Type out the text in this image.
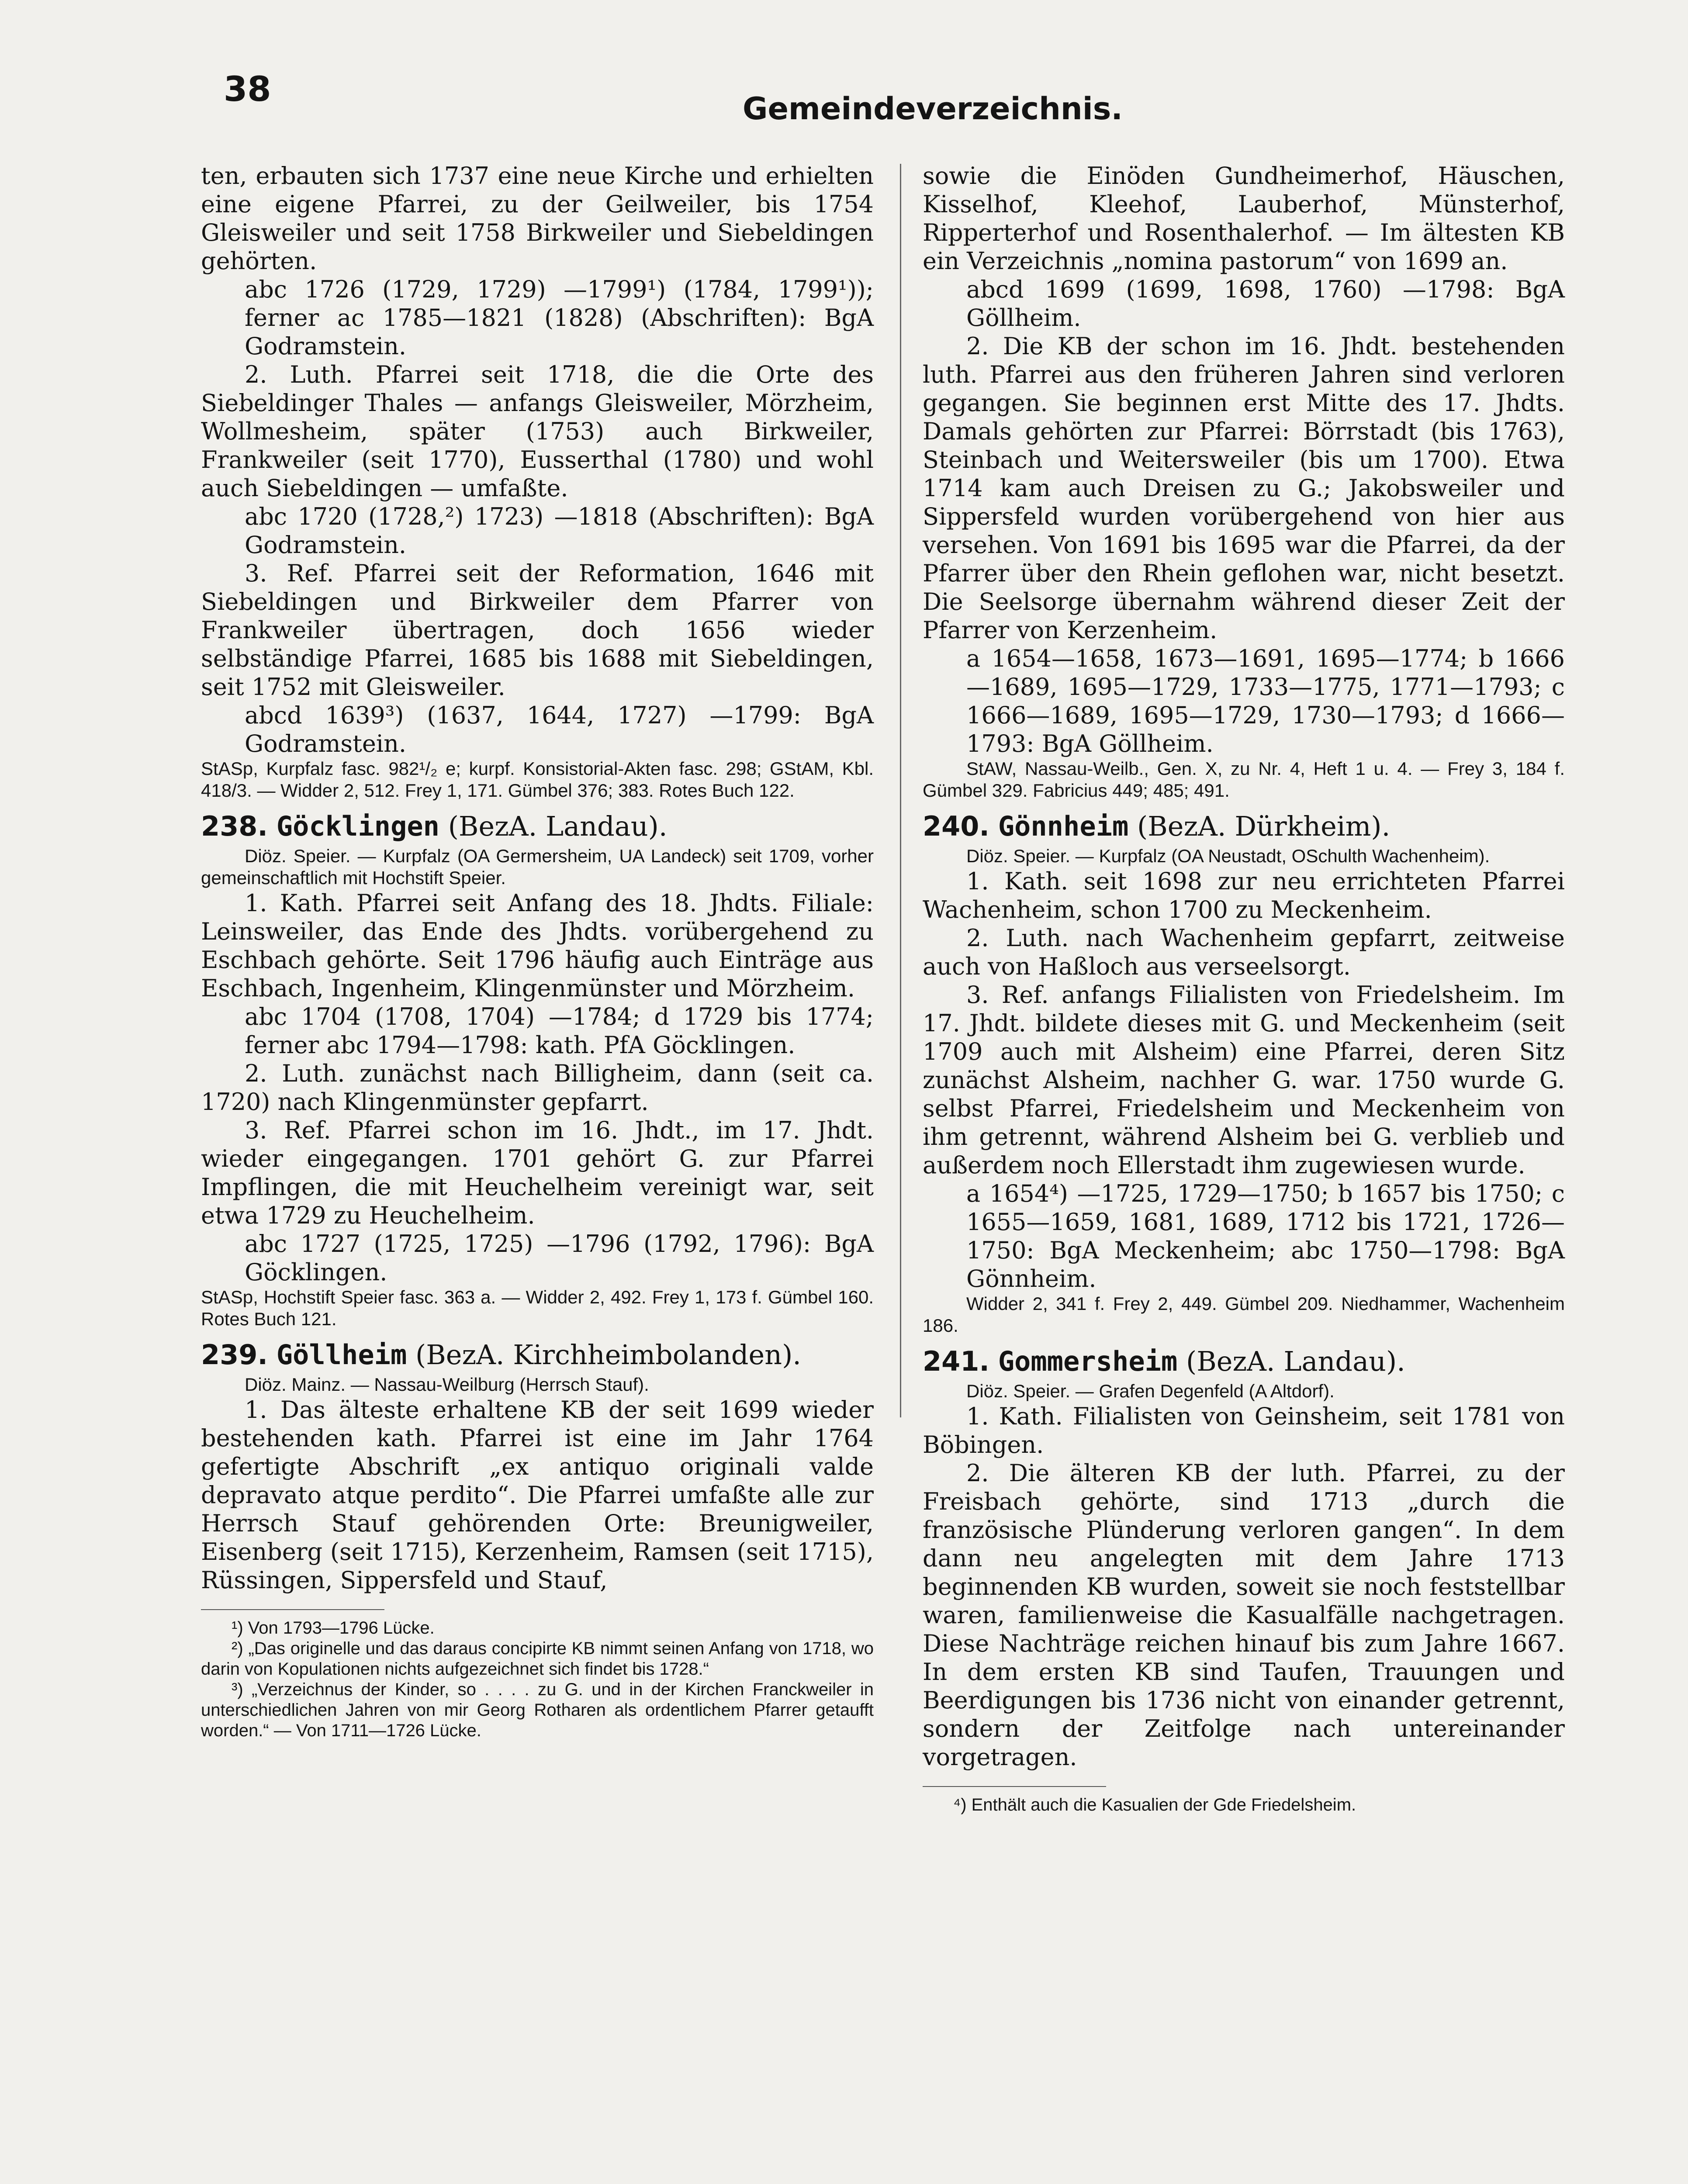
38	Gemeindeverzeichnis.

ten, erbauten sich 1737 eine neue Kirche und erhielten eine eigene Pfarrei, zu der Geilweiler, bis 1754 Gleisweiler und seit 1758 Birkweiler und Siebeldingen gehörten.

abc 1726 (1729, 1729) —1799¹) (1784, 1799¹)); ferner ac 1785—1821 (1828) (Abschriften): BgA Godramstein.

2. Luth. Pfarrei seit 1718, die die Orte des Siebeldinger Thales — anfangs Gleisweiler, Mörzheim, Wollmesheim, später (1753) auch Birkweiler, Frankweiler (seit 1770), Eusserthal (1780) und wohl auch Siebeldingen — umfaßte.

abc 1720 (1728,²) 1723) —1818 (Abschriften): BgA Godramstein.

3. Ref. Pfarrei seit der Reformation, 1646 mit Siebeldingen und Birkweiler dem Pfarrer von Frankweiler übertragen, doch 1656 wieder selbständige Pfarrei, 1685 bis 1688 mit Siebeldingen, seit 1752 mit Gleisweiler.

abcd 1639³) (1637, 1644, 1727) —1799: BgA Godramstein.

StASp, Kurpfalz fasc. 982¹/₂ e; kurpf. Konsistorial-Akten fasc. 298; GStAM, Kbl. 418/3. — Widder 2, 512. Frey 1, 171. Gümbel 376; 383. Rotes Buch 122.

238. Göcklingen (BezA. Landau).

Diöz. Speier. — Kurpfalz (OA Germersheim, UA Landeck) seit 1709, vorher gemeinschaftlich mit Hochstift Speier.

1. Kath. Pfarrei seit Anfang des 18. Jhdts. Filiale: Leinsweiler, das Ende des Jhdts. vorübergehend zu Eschbach gehörte. Seit 1796 häufig auch Einträge aus Eschbach, Ingenheim, Klingenmünster und Mörzheim.

abc 1704 (1708, 1704) —1784; d 1729 bis 1774; ferner abc 1794—1798: kath. PfA Göcklingen.

2. Luth. zunächst nach Billigheim, dann (seit ca. 1720) nach Klingenmünster gepfarrt.

3. Ref. Pfarrei schon im 16. Jhdt., im 17. Jhdt. wieder eingegangen. 1701 gehört G. zur Pfarrei Impflingen, die mit Heuchelheim vereinigt war, seit etwa 1729 zu Heuchelheim.

abc 1727 (1725, 1725) —1796 (1792, 1796): BgA Göcklingen.

StASp, Hochstift Speier fasc. 363 a. — Widder 2, 492. Frey 1, 173 f. Gümbel 160. Rotes Buch 121.

239. Göllheim (BezA. Kirchheimbolanden).

Diöz. Mainz. — Nassau-Weilburg (Herrsch Stauf).

1. Das älteste erhaltene KB der seit 1699 wieder bestehenden kath. Pfarrei ist eine im Jahr 1764 gefertigte Abschrift „ex antiquo originali valde depravato atque perdito“. Die Pfarrei umfaßte alle zur Herrsch Stauf gehörenden Orte: Breunigweiler, Eisenberg (seit 1715), Kerzenheim, Ramsen (seit 1715), Rüssingen, Sippersfeld und Stauf,

¹) Von 1793—1796 Lücke.

²) „Das originelle und das daraus concipirte KB nimmt seinen Anfang von 1718, wo darin von Kopulationen nichts aufgezeichnet sich findet bis 1728.“

³) „Verzeichnus der Kinder, so . . . . zu G. und in der Kirchen Franckweiler in unterschiedlichen Jahren von mir Georg Rotharen als ordentlichem Pfarrer getaufft worden.“ — Von 1711—1726 Lücke.

sowie die Einöden Gundheimerhof, Häuschen, Kisselhof, Kleehof, Lauberhof, Münsterhof, Ripperterhof und Rosenthalerhof. — Im ältesten KB ein Verzeichnis „nomina pastorum“ von 1699 an.

abcd 1699 (1699, 1698, 1760) —1798: BgA Göllheim.

2. Die KB der schon im 16. Jhdt. bestehenden luth. Pfarrei aus den früheren Jahren sind verloren gegangen. Sie beginnen erst Mitte des 17. Jhdts. Damals gehörten zur Pfarrei: Börrstadt (bis 1763), Steinbach und Weitersweiler (bis um 1700). Etwa 1714 kam auch Dreisen zu G.; Jakobsweiler und Sippersfeld wurden vorübergehend von hier aus versehen. Von 1691 bis 1695 war die Pfarrei, da der Pfarrer über den Rhein geflohen war, nicht besetzt. Die Seelsorge übernahm während dieser Zeit der Pfarrer von Kerzenheim.

a 1654—1658, 1673—1691, 1695—1774; b 1666—1689, 1695—1729, 1733—1775, 1771—1793; c 1666—1689, 1695—1729, 1730—1793; d 1666—1793: BgA Göllheim.

StAW, Nassau-Weilb., Gen. X, zu Nr. 4, Heft 1 u. 4. — Frey 3, 184 f. Gümbel 329. Fabricius 449; 485; 491.

240. Gönnheim (BezA. Dürkheim).

Diöz. Speier. — Kurpfalz (OA Neustadt, OSchulth Wachenheim).

1. Kath. seit 1698 zur neu errichteten Pfarrei Wachenheim, schon 1700 zu Meckenheim.

2. Luth. nach Wachenheim gepfarrt, zeitweise auch von Haßloch aus verseelsorgt.

3. Ref. anfangs Filialisten von Friedelsheim. Im 17. Jhdt. bildete dieses mit G. und Meckenheim (seit 1709 auch mit Alsheim) eine Pfarrei, deren Sitz zunächst Alsheim, nachher G. war. 1750 wurde G. selbst Pfarrei, Friedelsheim und Meckenheim von ihm getrennt, während Alsheim bei G. verblieb und außerdem noch Ellerstadt ihm zugewiesen wurde.

a 1654⁴) —1725, 1729—1750; b 1657 bis 1750; c 1655—1659, 1681, 1689, 1712 bis 1721, 1726—1750: BgA Meckenheim; abc 1750—1798: BgA Gönnheim.

Widder 2, 341 f. Frey 2, 449. Gümbel 209. Niedhammer, Wachenheim 186.

241. Gommersheim (BezA. Landau).

Diöz. Speier. — Grafen Degenfeld (A Altdorf).

1. Kath. Filialisten von Geinsheim, seit 1781 von Böbingen.

2. Die älteren KB der luth. Pfarrei, zu der Freisbach gehörte, sind 1713 „durch die französische Plünderung verloren gangen“. In dem dann neu angelegten mit dem Jahre 1713 beginnenden KB wurden, soweit sie noch feststellbar waren, familienweise die Kasualfälle nachgetragen. Diese Nachträge reichen hinauf bis zum Jahre 1667. In dem ersten KB sind Taufen, Trauungen und Beerdigungen bis 1736 nicht von einander getrennt, sondern der Zeitfolge nach untereinander vorgetragen.

⁴) Enthält auch die Kasualien der Gde Friedelsheim.
